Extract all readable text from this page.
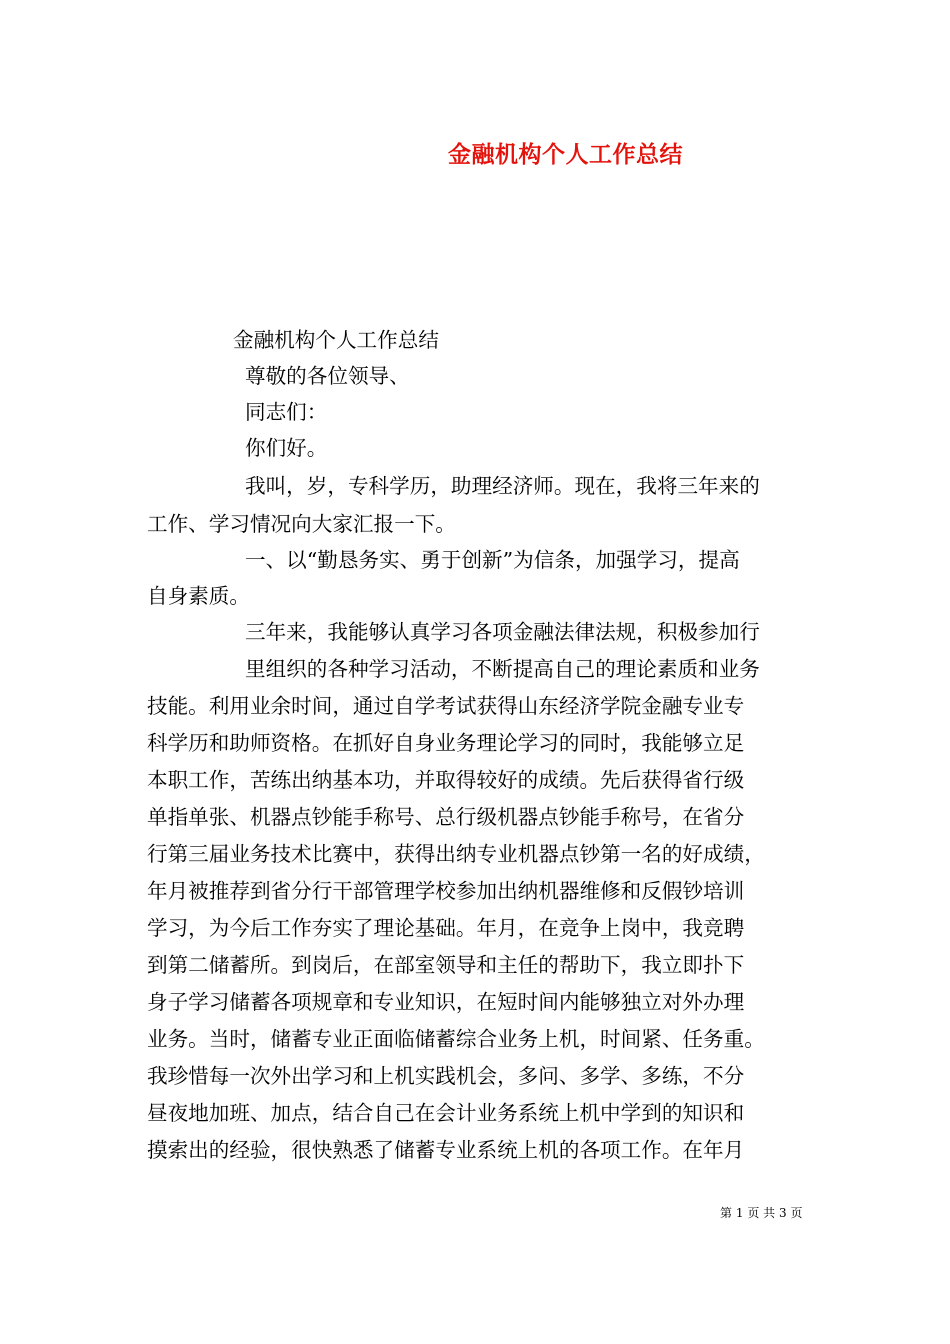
金融机构个人工作总结
金融机构个人工作总结
尊敬的各位领导、
同志们：
你们好。
我叫，岁，专科学历，助理经济师。现在，我将三年来的
工作、学习情况向大家汇报一下。
一、以“勤恳务实、勇于创新”为信条，加强学习，提高
自身素质。
三年来，我能够认真学习各项金融法律法规，积极参加行
里组织的各种学习活动，不断提高自己的理论素质和业务
技能。利用业余时间，通过自学考试获得山东经济学院金融专业专
科学历和助师资格。在抓好自身业务理论学习的同时，我能够立足
本职工作，苦练出纳基本功，并取得较好的成绩。先后获得省行级
单指单张、机器点钞能手称号、总行级机器点钞能手称号，在省分
行第三届业务技术比赛中，获得出纳专业机器点钞第一名的好成绩，
年月被推荐到省分行干部管理学校参加出纳机器维修和反假钞培训
学习，为今后工作夯实了理论基础。年月，在竞争上岗中，我竞聘
到第二储蓄所。到岗后，在部室领导和主任的帮助下，我立即扑下
身子学习储蓄各项规章和专业知识，在短时间内能够独立对外办理
业务。当时，储蓄专业正面临储蓄综合业务上机，时间紧、任务重。
我珍惜每一次外出学习和上机实践机会，多问、多学、多练，不分
昼夜地加班、加点，结合自己在会计业务系统上机中学到的知识和
摸索出的经验，很快熟悉了储蓄专业系统上机的各项工作。在年月
第 1 页 共 3 页
